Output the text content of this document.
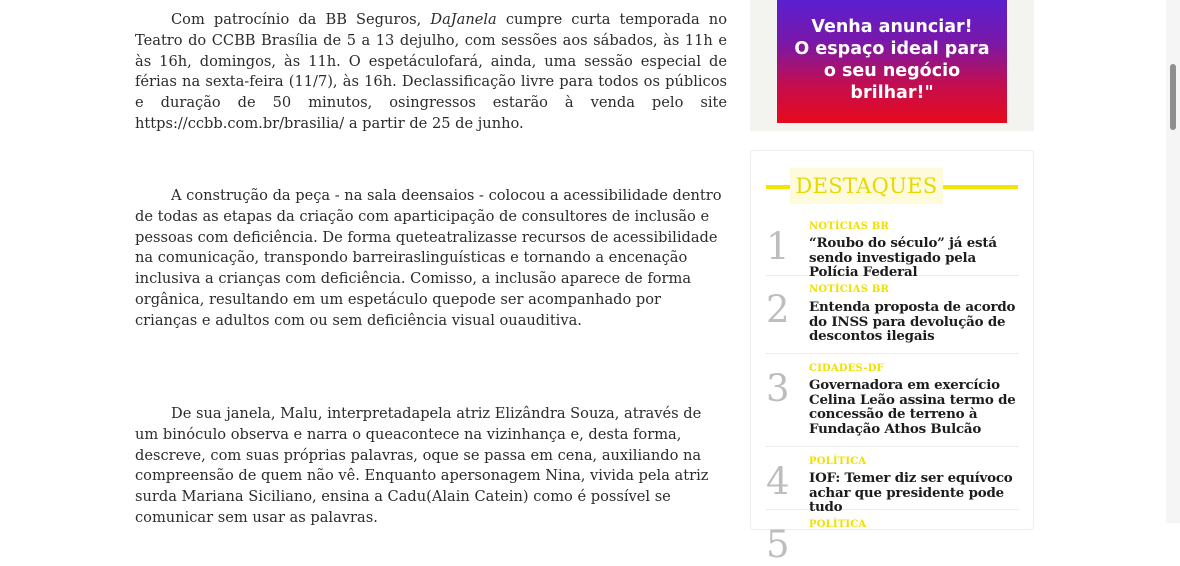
Com patrocínio da BB Seguros, DaJanela cumpre curta temporada no Teatro do CCBB Brasília de 5 a 13 dejulho, com sessões aos sábados, às 11h e às 16h, domingos, às 11h. O espetáculofará, ainda, uma sessão especial de férias na sexta-feira (11/7), às 16h. Declassificação livre para todos os públicos e duração de 50 minutos, osingressos estarão à venda pelo site https://ccbb.com.br/brasilia/ a partir de 25 de junho.

A construção da peça - na sala deensaios - colocou a acessibilidade dentro de todas as etapas da criação com aparticipação de consultores de inclusão e pessoas com deficiência. De forma queteatralizasse recursos de acessibilidade na comunicação, transpondo barreiraslinguísticas e tornando a encenação inclusiva a crianças com deficiência. Comisso, a inclusão aparece de forma orgânica, resultando em um espetáculo quepode ser acompanhado por crianças e adultos com ou sem deficiência visual ouauditiva.

De sua janela, Malu, interpretadapela atriz Elizândra Souza, através de um binóculo observa e narra o queacontece na vizinhança e, desta forma, descreve, com suas próprias palavras, oque se passa em cena, auxiliando na compreensão de quem não vê. Enquanto apersonagem Nina, vivida pela atriz surda Mariana Siciliano, ensina a Cadu(Alain Catein) como é possível se comunicar sem usar as palavras.

Venha anunciar!
O espaço ideal para
o seu negócio
brilhar!"
DESTAQUES
1 NOTÍCIAS BR
“Roubo do século” já está sendo investigado pela Polícia Federal
2 NOTÍCIAS BR
Entenda proposta de acordo do INSS para devolução de descontos ilegais
3 CIDADES-DF
Governadora em exercício Celina Leão assina termo de concessão de terreno à Fundação Athos Bulcão
4 POLÍTICA
IOF: Temer diz ser equívoco achar que presidente pode tudo
5 POLÍTICA
